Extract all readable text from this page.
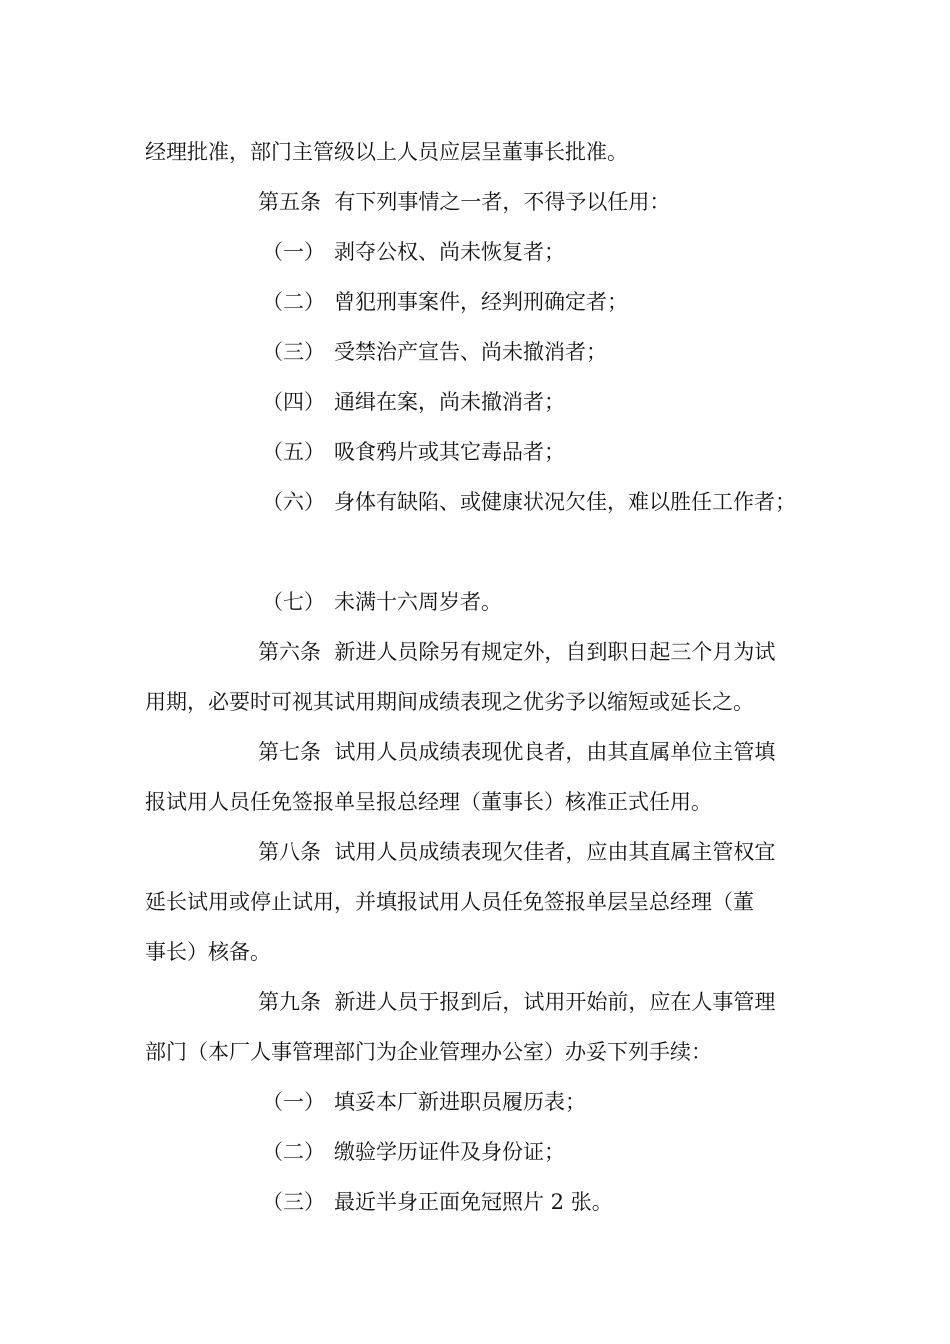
经理批准，部门主管级以上人员应层呈董事长批准。
第五条 有下列事情之一者，不得予以任用：
（一） 剥夺公权、尚未恢复者；
（二） 曾犯刑事案件，经判刑确定者；
（三） 受禁治产宣告、尚未撤消者；
（四） 通缉在案，尚未撤消者；
（五） 吸食鸦片或其它毒品者；
（六） 身体有缺陷、或健康状况欠佳，难以胜任工作者；
（七） 未满十六周岁者。
第六条 新进人员除另有规定外，自到职日起三个月为试
用期，必要时可视其试用期间成绩表现之优劣予以缩短或延长之。
第七条 试用人员成绩表现优良者，由其直属单位主管填
报试用人员任免签报单呈报总经理（董事长）核准正式任用。
第八条 试用人员成绩表现欠佳者，应由其直属主管权宜
延长试用或停止试用，并填报试用人员任免签报单层呈总经理（董
事长）核备。
第九条 新进人员于报到后，试用开始前，应在人事管理
部门（本厂人事管理部门为企业管理办公室）办妥下列手续：
（一） 填妥本厂新进职员履历表；
（二） 缴验学历证件及身份证；
（三） 最近半身正面免冠照片 2 张。
